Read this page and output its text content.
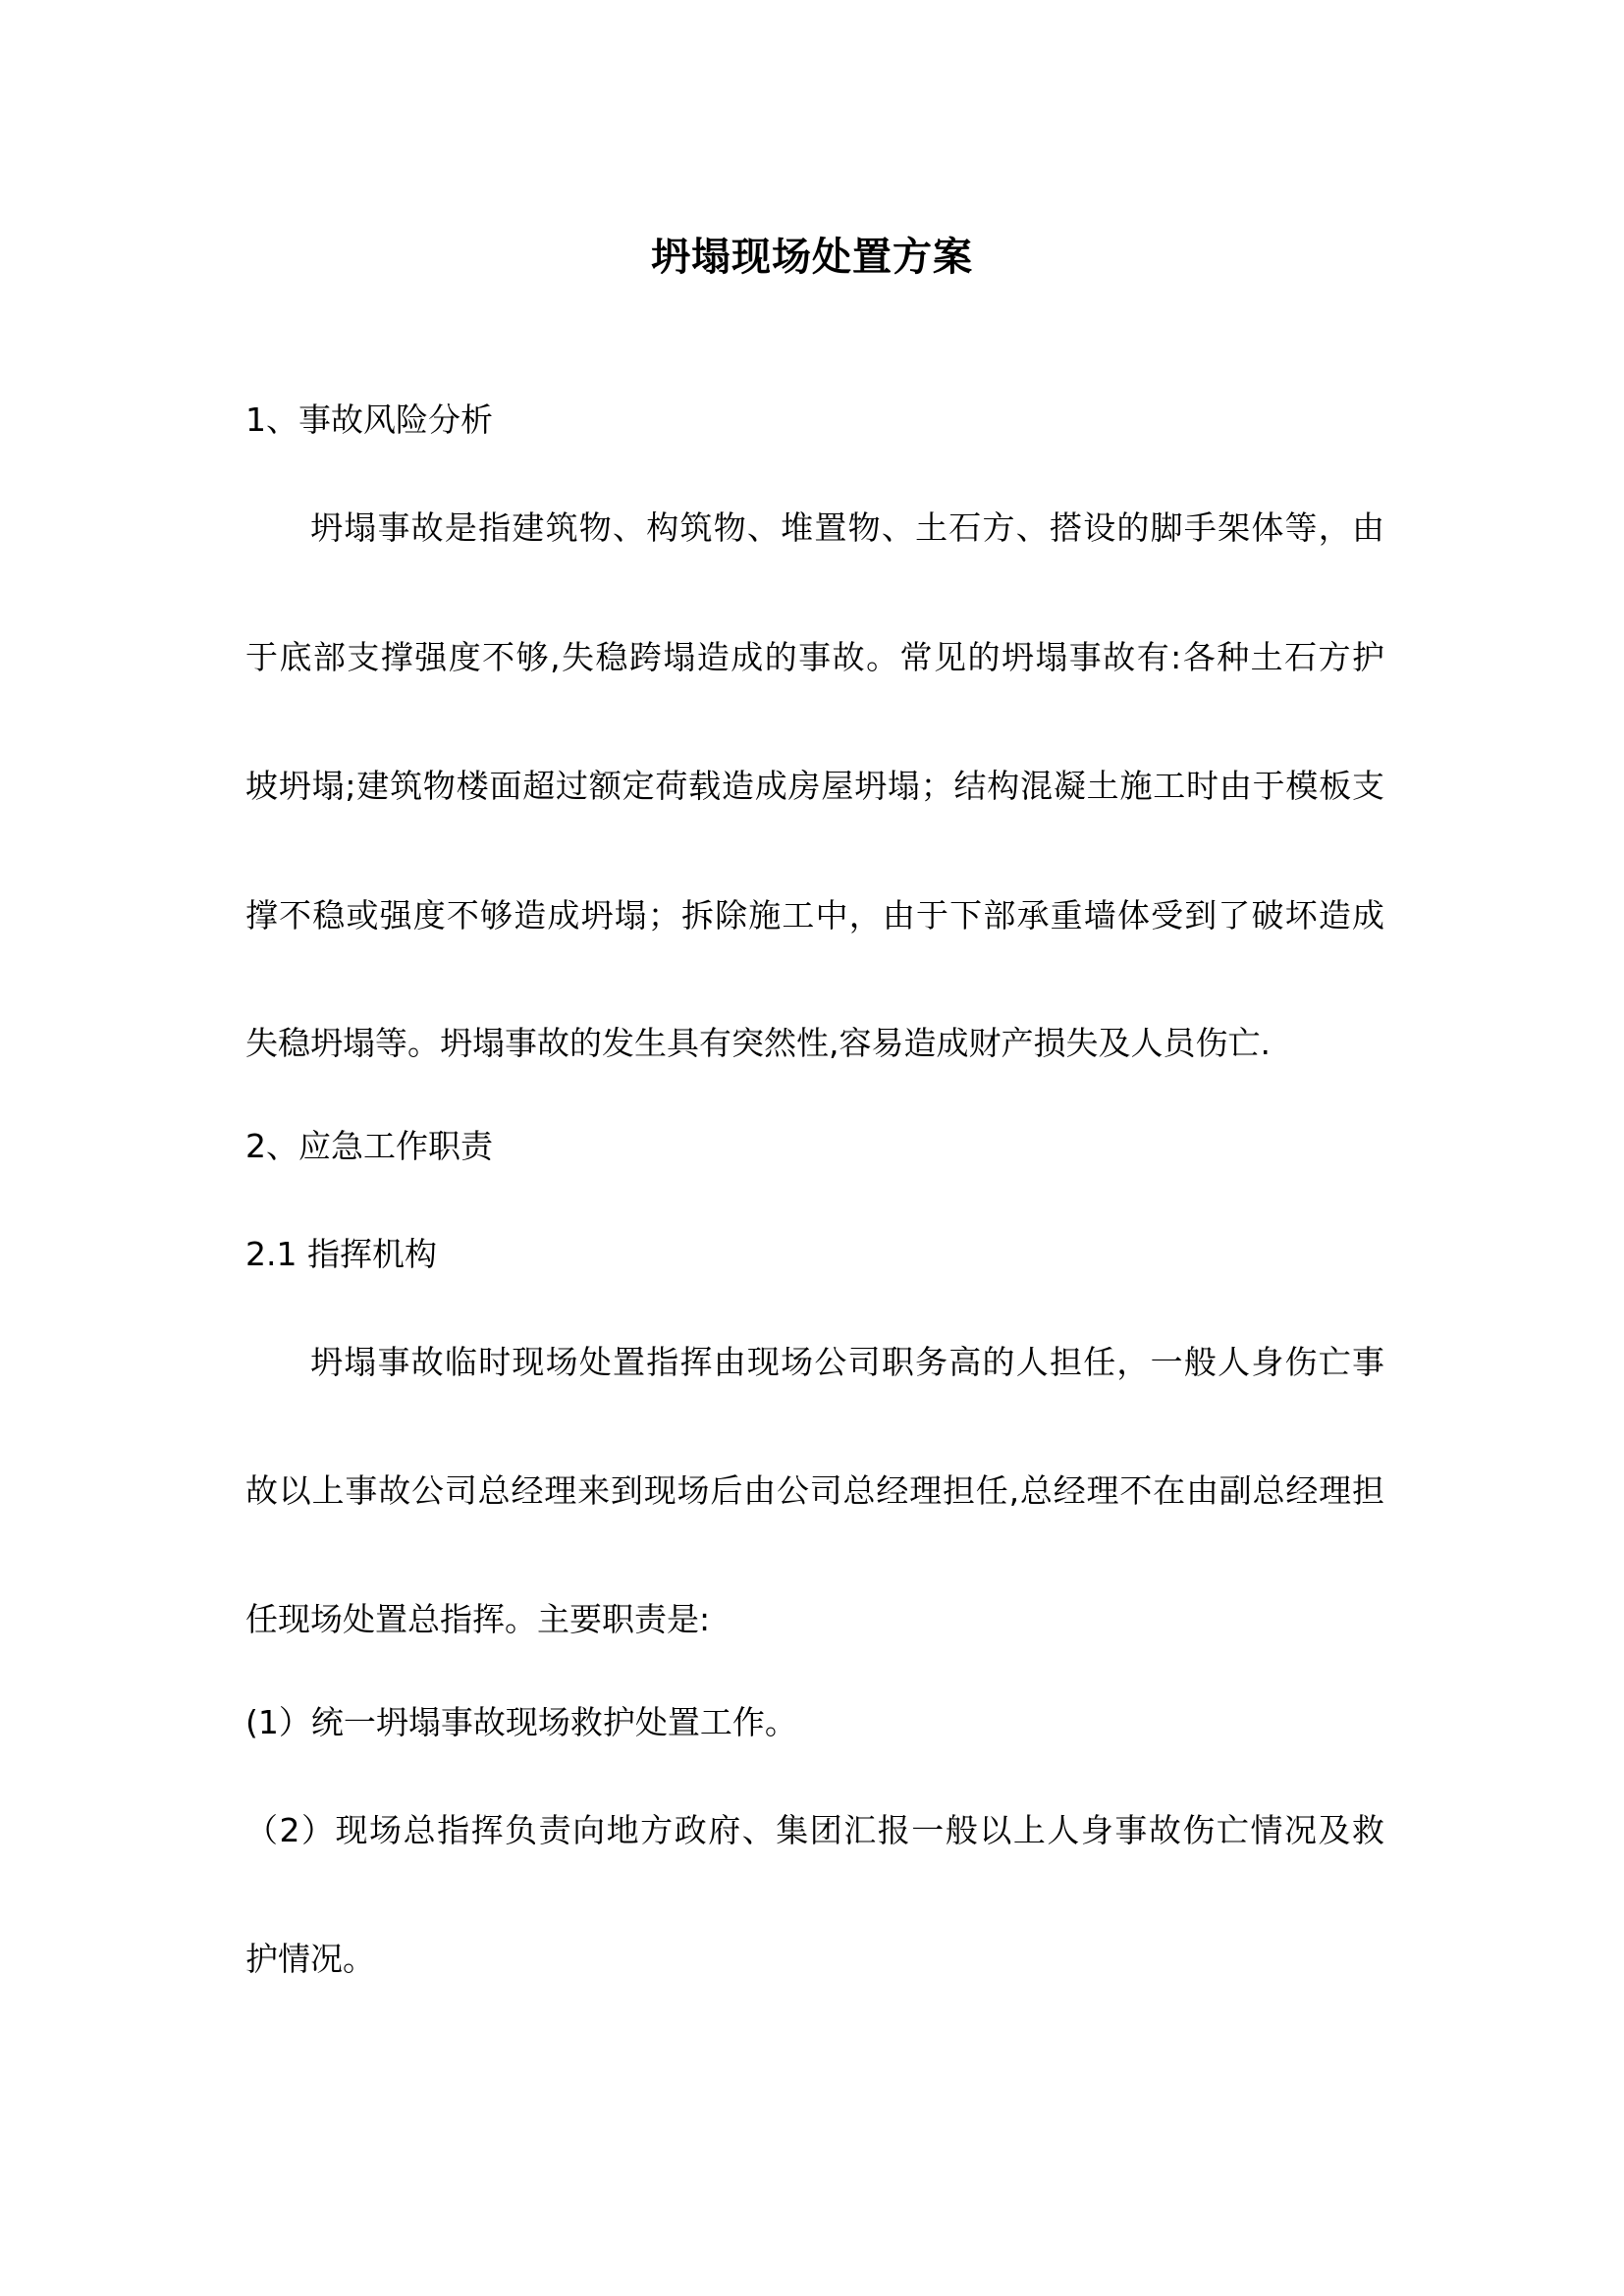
坍塌现场处置方案
1、事故风险分析
坍塌事故是指建筑物、构筑物、堆置物、土石方、搭设的脚手架体等，由
于底部支撑强度不够,失稳跨塌造成的事故。常见的坍塌事故有:各种土石方护
坡坍塌;建筑物楼面超过额定荷载造成房屋坍塌；结构混凝土施工时由于模板支
撑不稳或强度不够造成坍塌；拆除施工中，由于下部承重墙体受到了破坏造成
失稳坍塌等。坍塌事故的发生具有突然性,容易造成财产损失及人员伤亡.
2、应急工作职责
2.1 指挥机构
坍塌事故临时现场处置指挥由现场公司职务高的人担任，一般人身伤亡事
故以上事故公司总经理来到现场后由公司总经理担任,总经理不在由副总经理担
任现场处置总指挥。主要职责是:
(1）统一坍塌事故现场救护处置工作。
（2）现场总指挥负责向地方政府、集团汇报一般以上人身事故伤亡情况及救
护情况。
